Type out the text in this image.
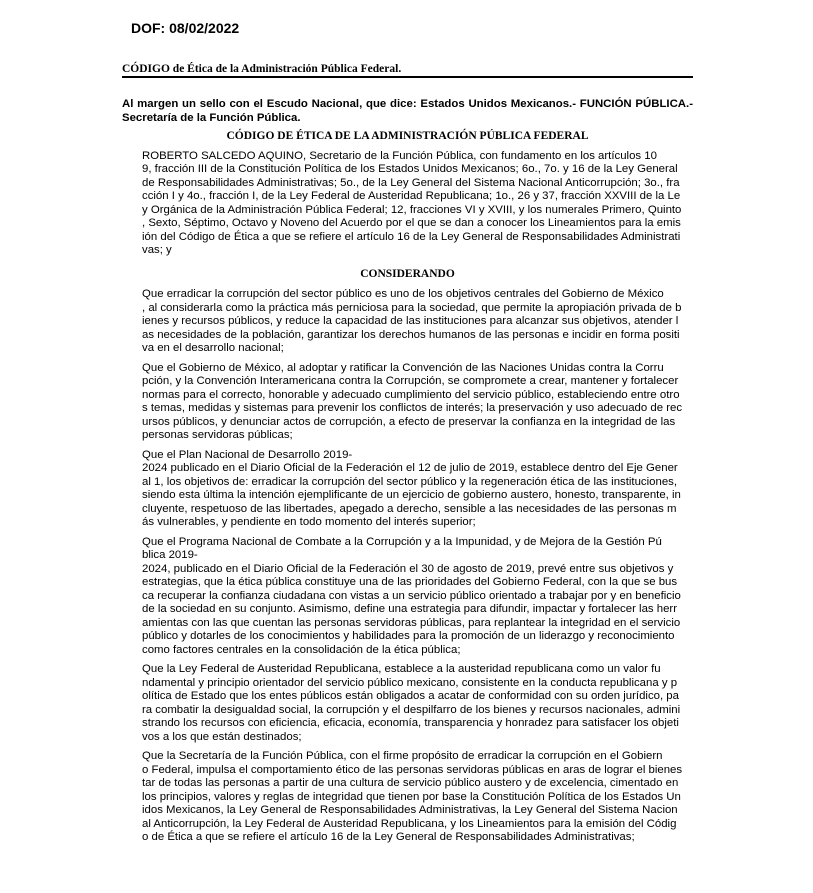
DOF: 08/02/2022
CÓDIGO de Ética de la Administración Pública Federal.
Al margen un sello con el Escudo Nacional, que dice: Estados Unidos Mexicanos.- FUNCIÓN PÚBLICA.- Secretaría de la Función Pública.
CÓDIGO DE ÉTICA DE LA ADMINISTRACIÓN PÚBLICA FEDERAL
ROBERTO SALCEDO AQUINO, Secretario de la Función Pública, con fundamento en los artículos 10
9, fracción III de la Constitución Política de los Estados Unidos Mexicanos; 6o., 7o. y 16 de la Ley General
de Responsabilidades Administrativas; 5o., de la Ley General del Sistema Nacional Anticorrupción; 3o., fra
cción I y 4o., fracción I, de la Ley Federal de Austeridad Republicana; 1o., 26 y 37, fracción XXVIII de la Le
y Orgánica de la Administración Pública Federal; 12, fracciones VI y XVIII, y los numerales Primero, Quinto
, Sexto, Séptimo, Octavo y Noveno del Acuerdo por el que se dan a conocer los Lineamientos para la emis
ión del Código de Ética a que se refiere el artículo 16 de la Ley General de Responsabilidades Administrati
vas; y
CONSIDERANDO
Que erradicar la corrupción del sector público es uno de los objetivos centrales del Gobierno de México
, al considerarla como la práctica más perniciosa para la sociedad, que permite la apropiación privada de b
ienes y recursos públicos, y reduce la capacidad de las instituciones para alcanzar sus objetivos, atender l
as necesidades de la población, garantizar los derechos humanos de las personas e incidir en forma positi
va en el desarrollo nacional;
Que el Gobierno de México, al adoptar y ratificar la Convención de las Naciones Unidas contra la Corru
pción, y la Convención Interamericana contra la Corrupción, se compromete a crear, mantener y fortalecer
normas para el correcto, honorable y adecuado cumplimiento del servicio público, estableciendo entre otro
s temas, medidas y sistemas para prevenir los conflictos de interés; la preservación y uso adecuado de rec
ursos públicos, y denunciar actos de corrupción, a efecto de preservar la confianza en la integridad de las
personas servidoras públicas;
Que el Plan Nacional de Desarrollo 2019-
2024 publicado en el Diario Oficial de la Federación el 12 de julio de 2019, establece dentro del Eje Gener
al 1, los objetivos de: erradicar la corrupción del sector público y la regeneración ética de las instituciones,
siendo esta última la intención ejemplificante de un ejercicio de gobierno austero, honesto, transparente, in
cluyente, respetuoso de las libertades, apegado a derecho, sensible a las necesidades de las personas m
ás vulnerables, y pendiente en todo momento del interés superior;
Que el Programa Nacional de Combate a la Corrupción y a la Impunidad, y de Mejora de la Gestión Pú
blica 2019-
2024, publicado en el Diario Oficial de la Federación el 30 de agosto de 2019, prevé entre sus objetivos y
estrategias, que la ética pública constituye una de las prioridades del Gobierno Federal, con la que se bus
ca recuperar la confianza ciudadana con vistas a un servicio público orientado a trabajar por y en beneficio
de la sociedad en su conjunto. Asimismo, define una estrategia para difundir, impactar y fortalecer las herr
amientas con las que cuentan las personas servidoras públicas, para replantear la integridad en el servicio
público y dotarles de los conocimientos y habilidades para la promoción de un liderazgo y reconocimiento
como factores centrales en la consolidación de la ética pública;
Que la Ley Federal de Austeridad Republicana, establece a la austeridad republicana como un valor fu
ndamental y principio orientador del servicio público mexicano, consistente en la conducta republicana y p
olítica de Estado que los entes públicos están obligados a acatar de conformidad con su orden jurídico, pa
ra combatir la desigualdad social, la corrupción y el despilfarro de los bienes y recursos nacionales, admini
strando los recursos con eficiencia, eficacia, economía, transparencia y honradez para satisfacer los objeti
vos a los que están destinados;
Que la Secretaría de la Función Pública, con el firme propósito de erradicar la corrupción en el Gobiern
o Federal, impulsa el comportamiento ético de las personas servidoras públicas en aras de lograr el bienes
tar de todas las personas a partir de una cultura de servicio público austero y de excelencia, cimentado en
los principios, valores y reglas de integridad que tienen por base la Constitución Política de los Estados Un
idos Mexicanos, la Ley General de Responsabilidades Administrativas, la Ley General del Sistema Nacion
al Anticorrupción, la Ley Federal de Austeridad Republicana, y los Lineamientos para la emisión del Códig
o de Ética a que se refiere el artículo 16 de la Ley General de Responsabilidades Administrativas;
